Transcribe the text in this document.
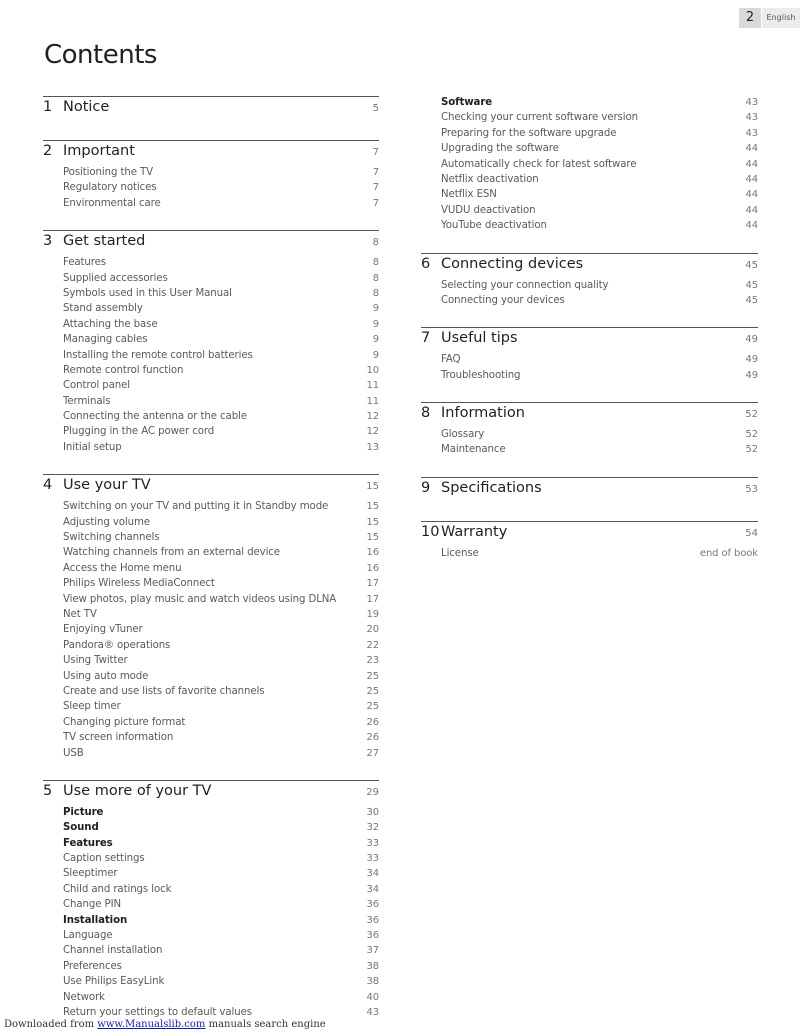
2	English
Contents
1 Notice	5
2 Important	7
Positioning the TV	7
Regulatory notices	7
Environmental care	7
3 Get started	8
Features	8
Supplied accessories	8
Symbols used in this User Manual	8
Stand assembly	9
Attaching the base	9
Managing cables	9
Installing the remote control batteries	9
Remote control function	10
Control panel	11
Terminals	11
Connecting the antenna or the cable	12
Plugging in the AC power cord	12
Initial setup	13
4 Use your TV	15
Switching on your TV and putting it in Standby mode	15
Adjusting volume	15
Switching channels	15
Watching channels from an external device	16
Access the Home menu	16
Philips Wireless MediaConnect	17
View photos, play music and watch videos using DLNA	17
Net TV	19
Enjoying vTuner	20
Pandora® operations	22
Using Twitter	23
Using auto mode	25
Create and use lists of favorite channels	25
Sleep timer	25
Changing picture format	26
TV screen information	26
USB	27
5 Use more of your TV	29
Picture	30
Sound	32
Features	33
Caption settings	33
Sleeptimer	34
Child and ratings lock	34
Change PIN	36
Installation	36
Language	36
Channel installation	37
Preferences	38
Use Philips EasyLink	38
Network	40
Return your settings to default values	43
Software	43
Checking your current software version	43
Preparing for the software upgrade	43
Upgrading the software	44
Automatically check for latest software	44
Netflix deactivation	44
Netflix ESN	44
VUDU deactivation	44
YouTube deactivation	44
6 Connecting devices	45
Selecting your connection quality	45
Connecting your devices	45
7 Useful tips	49
FAQ	49
Troubleshooting	49
8 Information	52
Glossary	52
Maintenance	52
9 Specifications	53
10 Warranty	54
License	end of book
Downloaded from www.Manualslib.com manuals search engine
